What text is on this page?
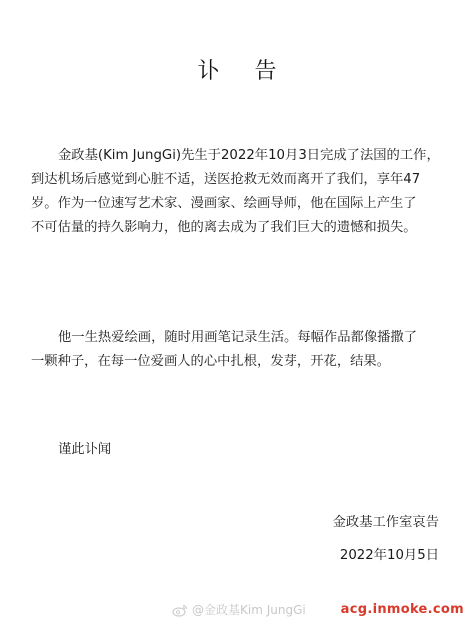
讣 告
金政基(Kim JungGi)先生于2022年10月3日完成了法国的工作，
到达机场后感觉到心脏不适，送医抢救无效而离开了我们，享年47
岁。作为一位速写艺术家、漫画家、绘画导师，他在国际上产生了
不可估量的持久影响力，他的离去成为了我们巨大的遗憾和损失。
他一生热爱绘画，随时用画笔记录生活。每幅作品都像播撒了
一颗种子，在每一位爱画人的心中扎根，发芽，开花，结果。
谨此讣闻
金政基工作室哀告
2022年10月5日
@金政基Kim JungGi	acg.inmoke.com
